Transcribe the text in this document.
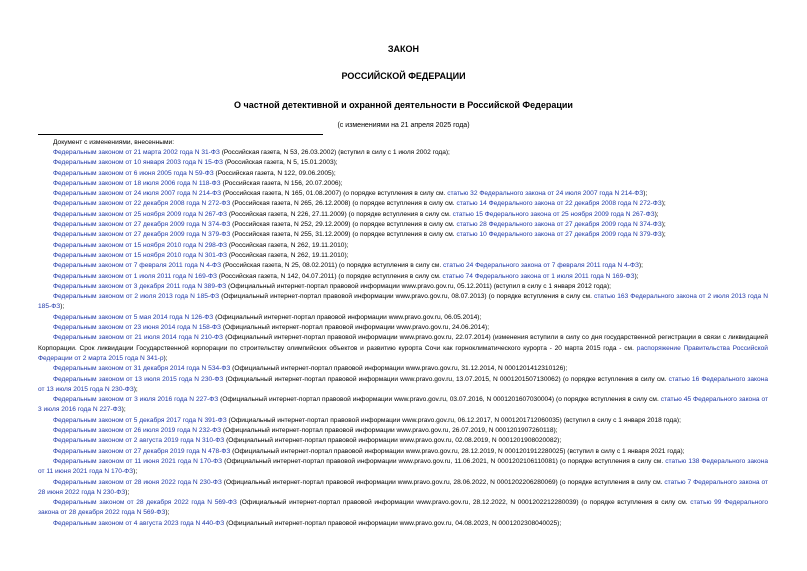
ЗАКОН
РОССИЙСКОЙ ФЕДЕРАЦИИ
О частной детективной и охранной деятельности в Российской Федерации
(с изменениями на 21 апреля 2025 года)
Документ с изменениями, внесенными:
Федеральным законом от 21 марта 2002 года N 31-ФЗ (Российская газета, N 53, 26.03.2002) (вступил в силу с 1 июля 2002 года);
Федеральным законом от 10 января 2003 года N 15-ФЗ (Российская газета, N 5, 15.01.2003);
Федеральным законом от 6 июня 2005 года N 59-ФЗ (Российская газета, N 122, 09.06.2005);
Федеральным законом от 18 июля 2006 года N 118-ФЗ (Российская газета, N 156, 20.07.2006);
Федеральным законом от 24 июля 2007 года N 214-ФЗ (Российская газета, N 165, 01.08.2007) (о порядке вступления в силу см. статью 32 Федерального закона от 24 июля 2007 года N 214-ФЗ);
Федеральным законом от 22 декабря 2008 года N 272-ФЗ (Российская газета, N 265, 26.12.2008) (о порядке вступления в силу см. статью 14 Федерального закона от 22 декабря 2008 года N 272-ФЗ);
Федеральным законом от 25 ноября 2009 года N 267-ФЗ (Российская газета, N 226, 27.11.2009) (о порядке вступления в силу см. статью 15 Федерального закона от 25 ноября 2009 года N 267-ФЗ);
Федеральным законом от 27 декабря 2009 года N 374-ФЗ (Российская газета, N 252, 29.12.2009) (о порядке вступления в силу см. статью 28 Федерального закона от 27 декабря 2009 года N 374-ФЗ);
Федеральным законом от 27 декабря 2009 года N 379-ФЗ (Российская газета, N 255, 31.12.2009) (о порядке вступления в силу см. статью 10 Федерального закона от 27 декабря 2009 года N 379-ФЗ);
Федеральным законом от 15 ноября 2010 года N 298-ФЗ (Российская газета, N 262, 19.11.2010);
Федеральным законом от 15 ноября 2010 года N 301-ФЗ (Российская газета, N 262, 19.11.2010);
Федеральным законом от 7 февраля 2011 года N 4-ФЗ (Российская газета, N 25, 08.02.2011) (о порядке вступления в силу см. статью 24 Федерального закона от 7 февраля 2011 года N 4-ФЗ);
Федеральным законом от 1 июля 2011 года N 169-ФЗ (Российская газета, N 142, 04.07.2011) (о порядке вступления в силу см. статью 74 Федерального закона от 1 июля 2011 года N 169-ФЗ);
Федеральным законом от 3 декабря 2011 года N 389-ФЗ (Официальный интернет-портал правовой информации www.pravo.gov.ru, 05.12.2011) (вступил в силу с 1 января 2012 года);
Федеральным законом от 2 июля 2013 года N 185-ФЗ (Официальный интернет-портал правовой информации www.pravo.gov.ru, 08.07.2013) (о порядке вступления в силу см. статью 163 Федерального закона от 2 июля 2013 года N 185-ФЗ);
Федеральным законом от 5 мая 2014 года N 126-ФЗ (Официальный интернет-портал правовой информации www.pravo.gov.ru, 06.05.2014);
Федеральным законом от 23 июня 2014 года N 158-ФЗ (Официальный интернет-портал правовой информации www.pravo.gov.ru, 24.06.2014);
Федеральным законом от 21 июля 2014 года N 210-ФЗ (Официальный интернет-портал правовой информации www.pravo.gov.ru, 22.07.2014) (изменения вступили в силу со дня государственной регистрации в связи с ликвидацией Корпорации. Срок ликвидации Государственной корпорации по строительству олимпийских объектов и развитию курорта Сочи как горноклиматического курорта - 20 марта 2015 года - см. распоряжение Правительства Российской Федерации от 2 марта 2015 года N 341-р);
Федеральным законом от 31 декабря 2014 года N 534-ФЗ (Официальный интернет-портал правовой информации www.pravo.gov.ru, 31.12.2014, N 0001201412310126);
Федеральным законом от 13 июля 2015 года N 230-ФЗ (Официальный интернет-портал правовой информации www.pravo.gov.ru, 13.07.2015, N 0001201507130062) (о порядке вступления в силу см. статью 16 Федерального закона от 13 июля 2015 года N 230-ФЗ);
Федеральным законом от 3 июля 2016 года N 227-ФЗ (Официальный интернет-портал правовой информации www.pravo.gov.ru, 03.07.2016, N 0001201607030004) (о порядке вступления в силу см. статью 45 Федерального закона от 3 июля 2016 года N 227-ФЗ);
Федеральным законом от 5 декабря 2017 года N 391-ФЗ (Официальный интернет-портал правовой информации www.pravo.gov.ru, 06.12.2017, N 0001201712060035) (вступил в силу с 1 января 2018 года);
Федеральным законом от 26 июля 2019 года N 232-ФЗ (Официальный интернет-портал правовой информации www.pravo.gov.ru, 26.07.2019, N 0001201907260118);
Федеральным законом от 2 августа 2019 года N 310-ФЗ (Официальный интернет-портал правовой информации www.pravo.gov.ru, 02.08.2019, N 0001201908020082);
Федеральным законом от 27 декабря 2019 года N 478-ФЗ (Официальный интернет-портал правовой информации www.pravo.gov.ru, 28.12.2019, N 0001201912280025) (вступил в силу с 1 января 2021 года);
Федеральным законом от 11 июня 2021 года N 170-ФЗ (Официальный интернет-портал правовой информации www.pravo.gov.ru, 11.06.2021, N 0001202106110081) (о порядке вступления в силу см. статью 138 Федерального закона от 11 июня 2021 года N 170-ФЗ);
Федеральным законом от 28 июня 2022 года N 230-ФЗ (Официальный интернет-портал правовой информации www.pravo.gov.ru, 28.06.2022, N 0001202206280069) (о порядке вступления в силу см. статью 7 Федерального закона от 28 июня 2022 года N 230-ФЗ);
Федеральным законом от 28 декабря 2022 года N 569-ФЗ (Официальный интернет-портал правовой информации www.pravo.gov.ru, 28.12.2022, N 0001202212280039) (о порядке вступления в силу см. статью 99 Федерального закона от 28 декабря 2022 года N 569-ФЗ);
Федеральным законом от 4 августа 2023 года N 440-ФЗ (Официальный интернет-портал правовой информации www.pravo.gov.ru, 04.08.2023, N 0001202308040025);
